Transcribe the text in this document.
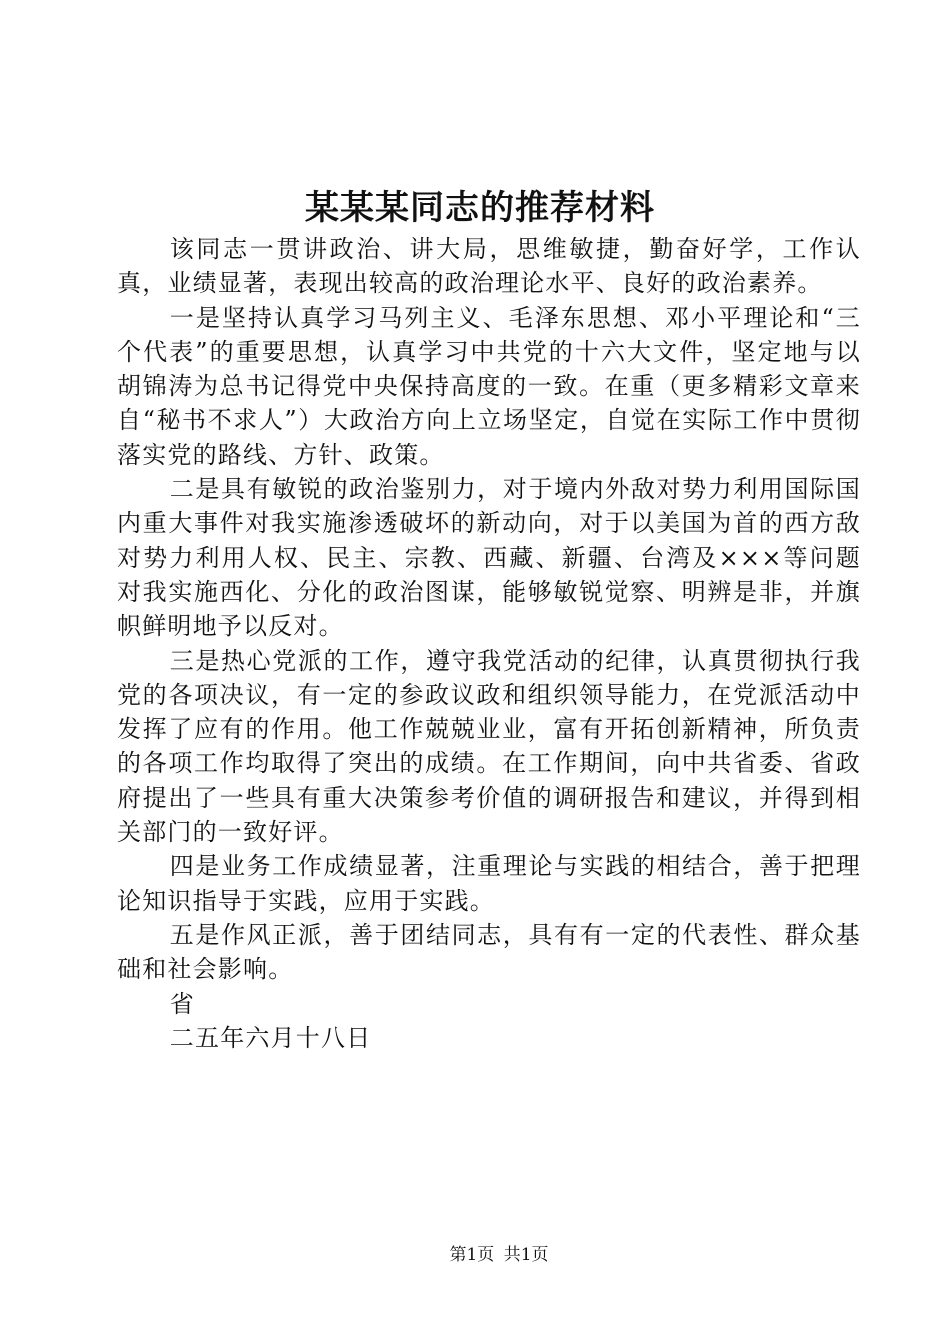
某某某同志的推荐材料

该同志一贯讲政治、讲大局，思维敏捷，勤奋好学，工作认真，业绩显著，表现出较高的政治理论水平、良好的政治素养。

一是坚持认真学习马列主义、毛泽东思想、邓小平理论和“三个代表”的重要思想，认真学习中共党的十六大文件，坚定地与以胡锦涛为总书记得党中央保持高度的一致。在重（更多精彩文章来自“秘书不求人”）大政治方向上立场坚定，自觉在实际工作中贯彻落实党的路线、方针、政策。

二是具有敏锐的政治鉴别力，对于境内外敌对势力利用国际国内重大事件对我实施渗透破坏的新动向，对于以美国为首的西方敌对势力利用人权、民主、宗教、西藏、新疆、台湾及×××等问题对我实施西化、分化的政治图谋，能够敏锐觉察、明辨是非，并旗帜鲜明地予以反对。

三是热心党派的工作，遵守我党活动的纪律，认真贯彻执行我党的各项决议，有一定的参政议政和组织领导能力，在党派活动中发挥了应有的作用。他工作兢兢业业，富有开拓创新精神，所负责的各项工作均取得了突出的成绩。在工作期间，向中共省委、省政府提出了一些具有重大决策参考价值的调研报告和建议，并得到相关部门的一致好评。

四是业务工作成绩显著，注重理论与实践的相结合，善于把理论知识指导于实践，应用于实践。

五是作风正派，善于团结同志，具有有一定的代表性、群众基础和社会影响。

省

二五年六月十八日

第1页 共1页
